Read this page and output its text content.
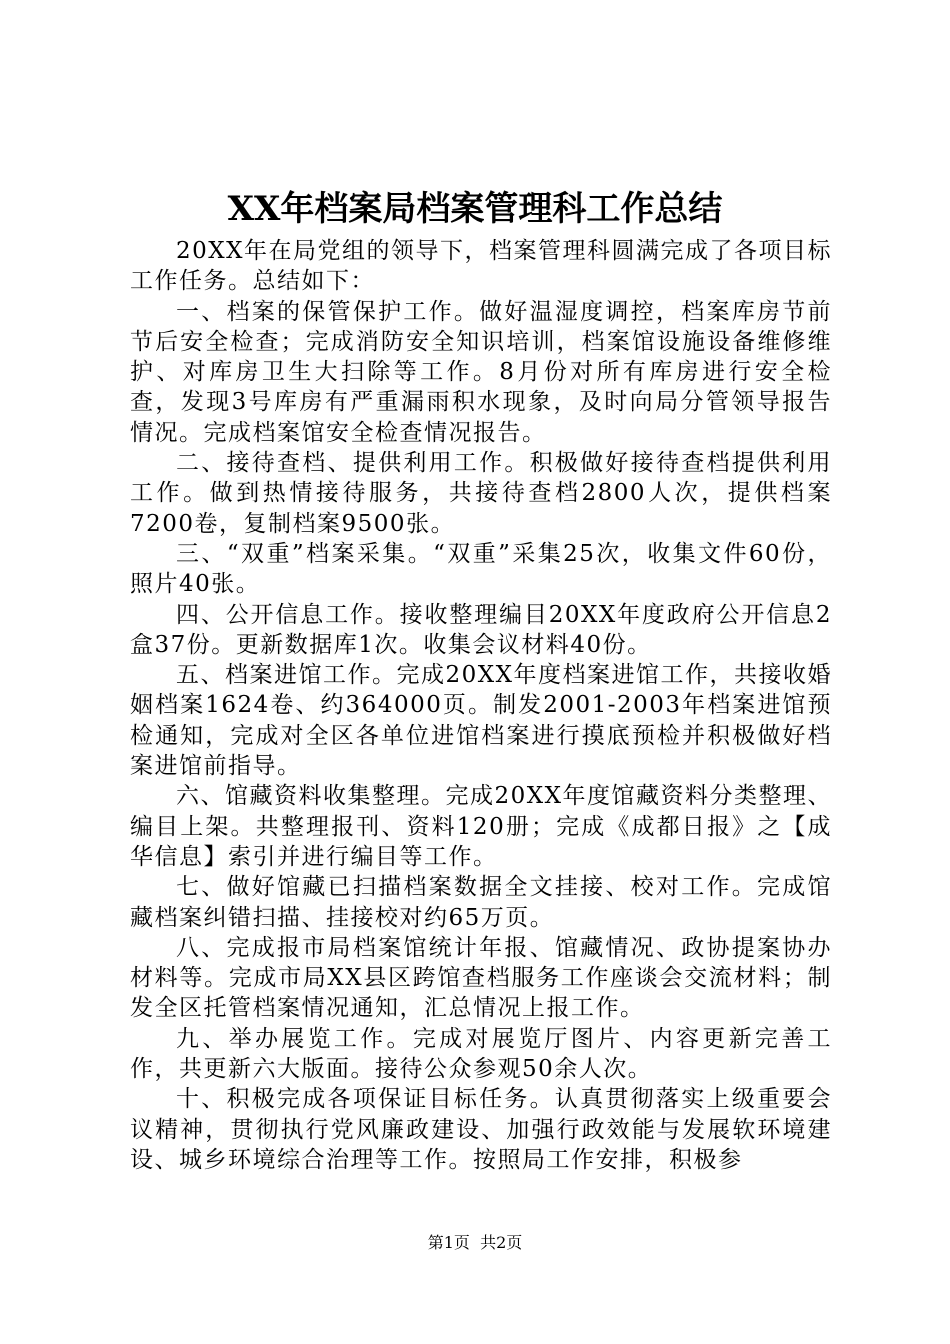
XX年档案局档案管理科工作总结

20XX年在局党组的领导下，档案管理科圆满完成了各项目标工作任务。总结如下：

一、档案的保管保护工作。做好温湿度调控，档案库房节前节后安全检查；完成消防安全知识培训，档案馆设施设备维修维护、对库房卫生大扫除等工作。8月份对所有库房进行安全检查，发现3号库房有严重漏雨积水现象，及时向局分管领导报告情况。完成档案馆安全检查情况报告。

二、接待查档、提供利用工作。积极做好接待查档提供利用工作。做到热情接待服务，共接待查档2800人次，提供档案7200卷，复制档案9500张。

三、“双重”档案采集。“双重”采集25次，收集文件60份，照片40张。

四、公开信息工作。接收整理编目20XX年度政府公开信息2盒37份。更新数据库1次。收集会议材料40份。

五、档案进馆工作。完成20XX年度档案进馆工作，共接收婚姻档案1624卷、约364000页。制发2001-2003年档案进馆预检通知，完成对全区各单位进馆档案进行摸底预检并积极做好档案进馆前指导。

六、馆藏资料收集整理。完成20XX年度馆藏资料分类整理、编目上架。共整理报刊、资料120册；完成《成都日报》之【成华信息】索引并进行编目等工作。

七、做好馆藏已扫描档案数据全文挂接、校对工作。完成馆藏档案纠错扫描、挂接校对约65万页。

八、完成报市局档案馆统计年报、馆藏情况、政协提案协办材料等。完成市局XX县区跨馆查档服务工作座谈会交流材料；制发全区托管档案情况通知，汇总情况上报工作。

九、举办展览工作。完成对展览厅图片、内容更新完善工作，共更新六大版面。接待公众参观50余人次。

十、积极完成各项保证目标任务。认真贯彻落实上级重要会议精神，贯彻执行党风廉政建设、加强行政效能与发展软环境建设、城乡环境综合治理等工作。按照局工作安排，积极参

第1页 共2页
